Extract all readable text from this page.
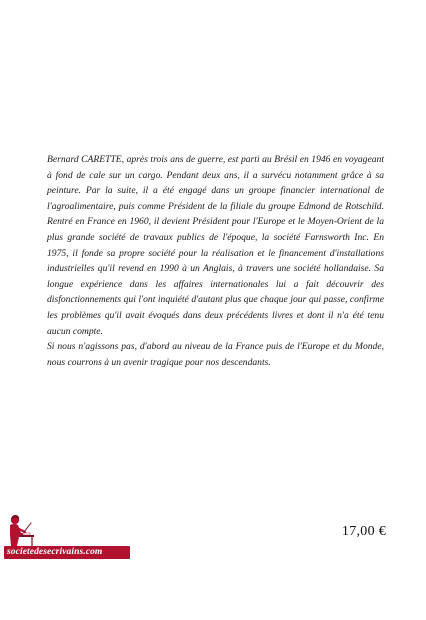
Bernard CARETTE, après trois ans de guerre, est parti au Brésil en 1946 en voyageant à fond de cale sur un cargo. Pendant deux ans, il a survécu notamment grâce à sa peinture. Par la suite, il a été engagé dans un groupe financier international de l'agroalimentaire, puis comme Président de la filiale du groupe Edmond de Rotschild. Rentré en France en 1960, il devient Président pour l'Europe et le Moyen-Orient de la plus grande société de travaux publics de l'époque, la société Farnsworth Inc. En 1975, il fonde sa propre société pour la réalisation et le financement d'installations industrielles qu'il revend en 1990 à un Anglais, à travers une société hollandaise. Sa longue expérience dans les affaires internationales lui a fait découvrir des disfonctionnements qui l'ont inquiété d'autant plus que chaque jour qui passe, confirme les problèmes qu'il avait évoqués dans deux précédents livres et dont il n'a été tenu aucun compte.

Si nous n'agissons pas, d'abord au niveau de la France puis de l'Europe et du Monde, nous courrons à un avenir tragique pour nos descendants.

17,00 €
societedesecrivains.com
